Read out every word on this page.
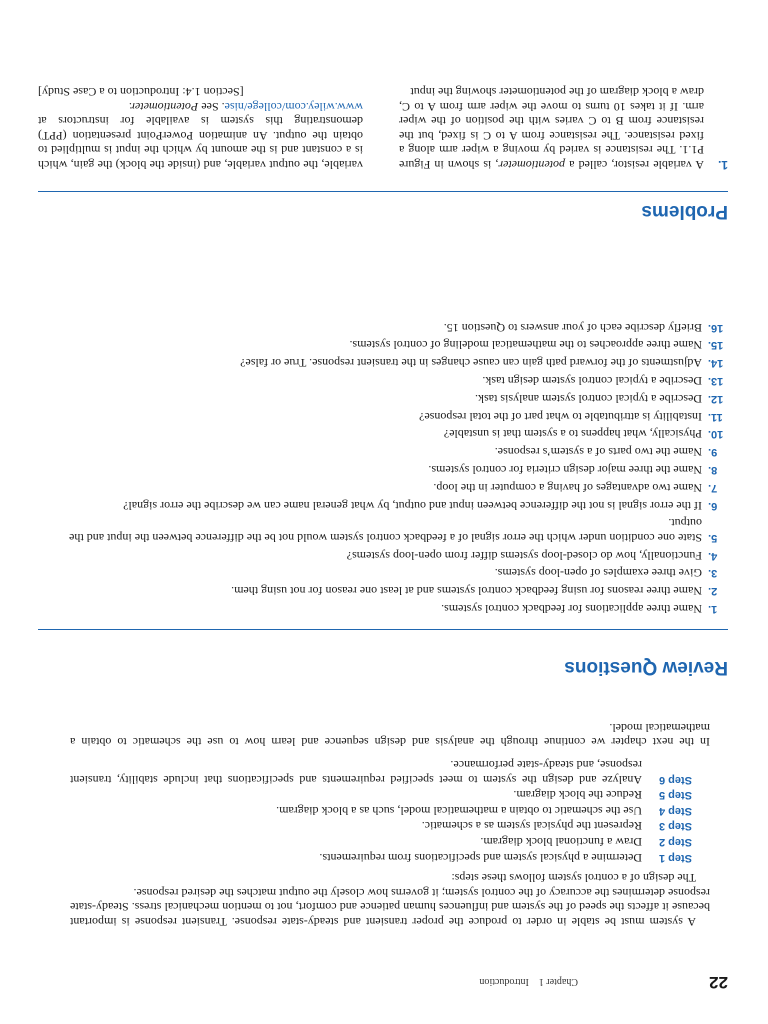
22
Chapter 1Introduction

A system must be stable in order to produce the proper transient and steady-state response. Transient response is important because it affects the speed of the system and influences human patience and comfort, not to mention mechanical stress. Steady-state response determines the accuracy of the control system; it governs how closely the output matches the desired response.

The design of a control system follows these steps:

Step 1
Determine a physical system and specifications from requirements.
Step 2
Draw a functional block diagram.
Step 3
Represent the physical system as a schematic.
Step 4
Use the schematic to obtain a mathematical model, such as a block diagram.
Step 5
Reduce the block diagram.
Step 6
Analyze and design the system to meet specified requirements and specifications that include stability, transient response, and steady-state performance.

In the next chapter we continue through the analysis and design sequence and learn how to use the schematic to obtain a mathematical model.

Review Questions
1.
Name three applications for feedback control systems.
2.
Name three reasons for using feedback control systems and at least one reason for not using them.
3.
Give three examples of open-loop systems.
4.
Functionally, how do closed-loop systems differ from open-loop systems?
5.
State one condition under which the error signal of a feedback control system would not be the difference between the input and the output.
6.
If the error signal is not the difference between input and output, by what general name can we describe the error signal?
7.
Name two advantages of having a computer in the loop.
8.
Name the three major design criteria for control systems.
9.
Name the two parts of a system’s response.
10.
Physically, what happens to a system that is unstable?
11.
Instability is attributable to what part of the total response?
12.
Describe a typical control system analysis task.
13.
Describe a typical control system design task.
14.
Adjustments of the forward path gain can cause changes in the transient response. True or false?
15.
Name three approaches to the mathematical modeling of control systems.
16.
Briefly describe each of your answers to Question 15.
Problems
1.
A variable resistor, called a potentiometer, is shown in Figure P1.1. The resistance is varied by moving a wiper arm along a fixed resistance. The resistance from A to C is fixed, but the resistance from B to C varies with the position of the wiper arm. If it takes 10 turns to move the wiper arm from A to C, draw a block diagram of the potentiometer showing the input
variable, the output variable, and (inside the block) the gain, which is a constant and is the amount by which the input is multiplied to obtain the output. An animation PowerPoint presentation (PPT) demonstrating this system is available for instructors at www.wiley.com/college/nise. See Potentiometer.
[Section 1.4: Introduction to a Case Study]
